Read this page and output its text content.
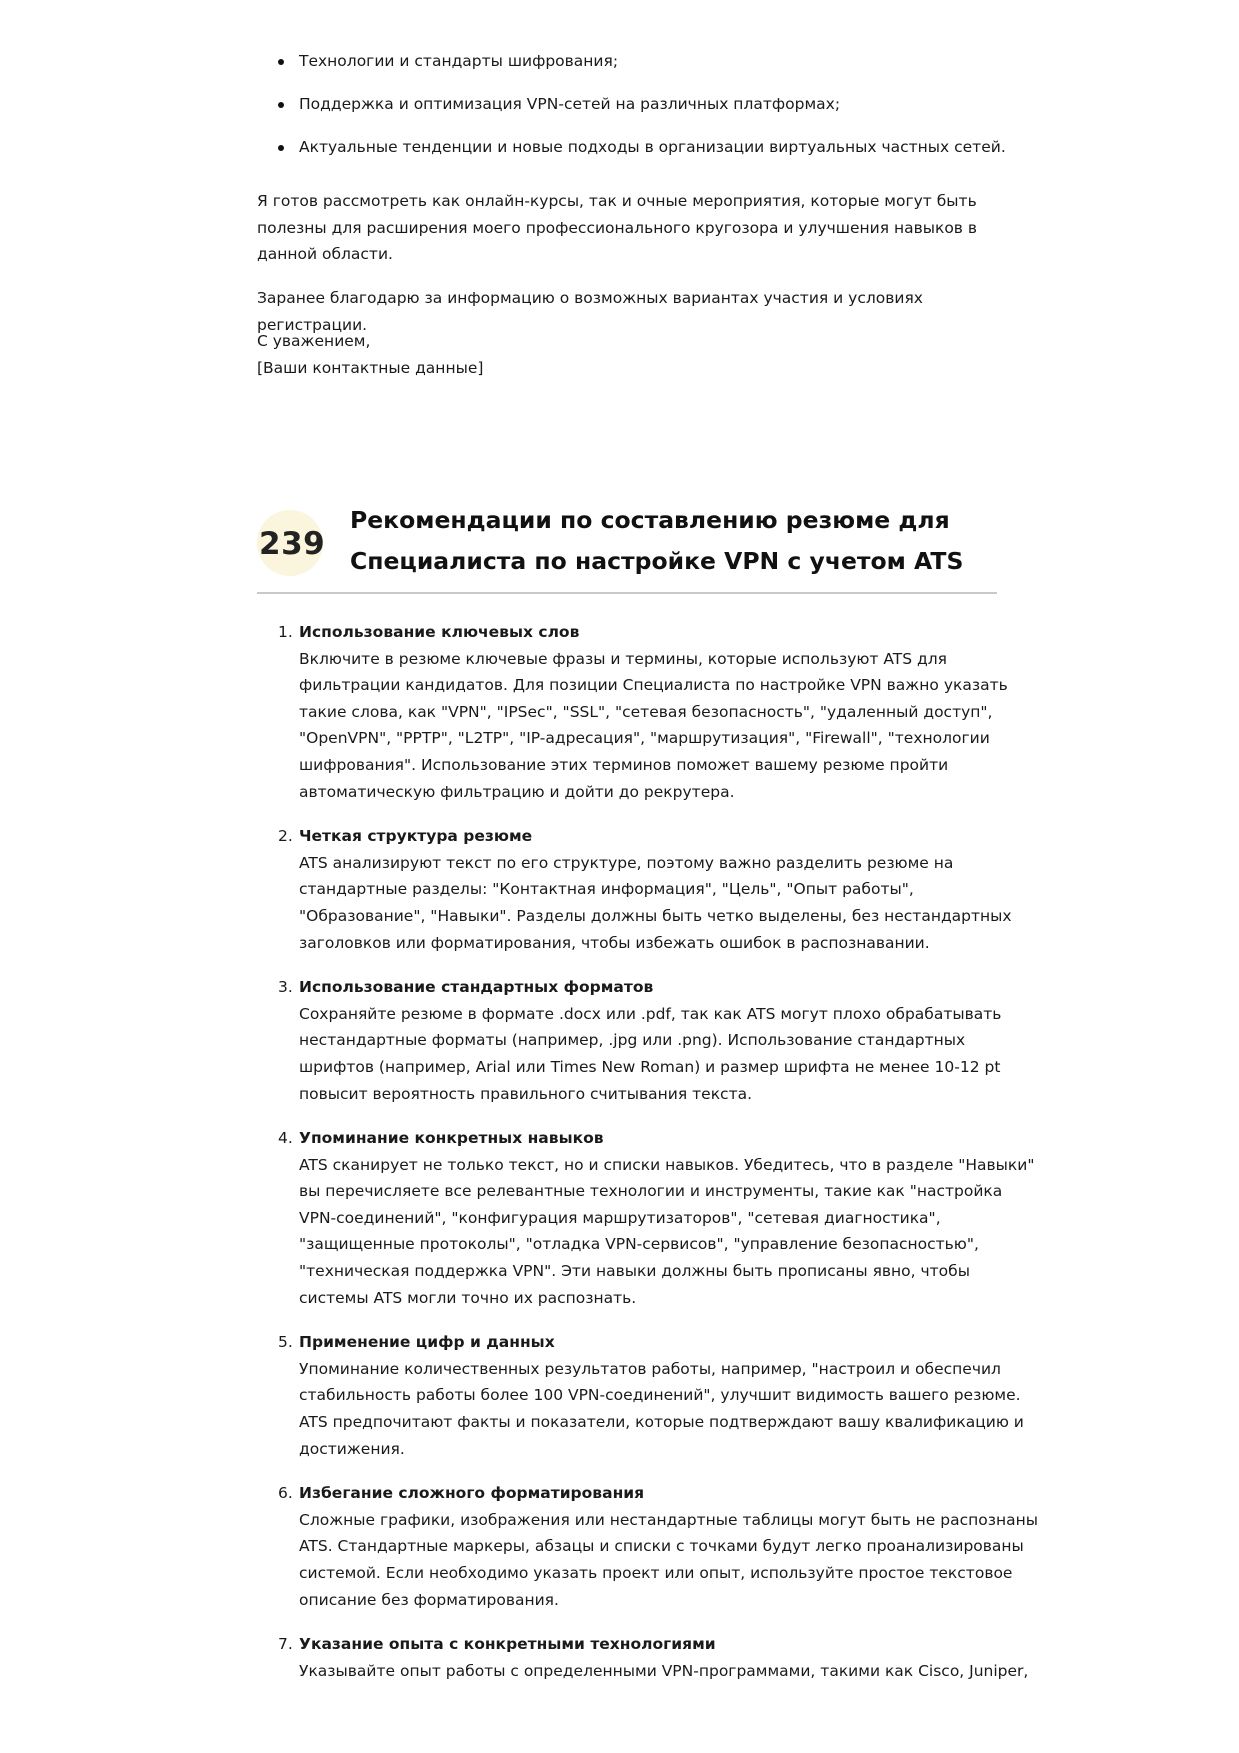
Технологии и стандарты шифрования;
Поддержка и оптимизация VPN-сетей на различных платформах;
Актуальные тенденции и новые подходы в организации виртуальных частных сетей.

Я готов рассмотреть как онлайн-курсы, так и очные мероприятия, которые могут быть полезны для расширения моего профессионального кругозора и улучшения навыков в данной области.

Заранее благодарю за информацию о возможных вариантах участия и условиях регистрации.

С уважением,

[Ваши контактные данные]

239
Рекомендации по составлению резюме для Специалиста по настройке VPN с учетом ATS
1. Использование ключевых слов
Включите в резюме ключевые фразы и термины, которые используют ATS для фильтрации кандидатов. Для позиции Специалиста по настройке VPN важно указать такие слова, как "VPN", "IPSec", "SSL", "сетевая безопасность", "удаленный доступ", "OpenVPN", "PPTP", "L2TP", "IP-адресация", "маршрутизация", "Firewall", "технологии шифрования". Использование этих терминов поможет вашему резюме пройти автоматическую фильтрацию и дойти до рекрутера.
2. Четкая структура резюме
ATS анализируют текст по его структуре, поэтому важно разделить резюме на стандартные разделы: "Контактная информация", "Цель", "Опыт работы", "Образование", "Навыки". Разделы должны быть четко выделены, без нестандартных заголовков или форматирования, чтобы избежать ошибок в распознавании.
3. Использование стандартных форматов
Сохраняйте резюме в формате .docx или .pdf, так как ATS могут плохо обрабатывать нестандартные форматы (например, .jpg или .png). Использование стандартных шрифтов (например, Arial или Times New Roman) и размер шрифта не менее 10-12 pt повысит вероятность правильного считывания текста.
4. Упоминание конкретных навыков
ATS сканирует не только текст, но и списки навыков. Убедитесь, что в разделе "Навыки" вы перечисляете все релевантные технологии и инструменты, такие как "настройка VPN-соединений", "конфигурация маршрутизаторов", "сетевая диагностика", "защищенные протоколы", "отладка VPN-сервисов", "управление безопасностью", "техническая поддержка VPN". Эти навыки должны быть прописаны явно, чтобы системы ATS могли точно их распознать.
5. Применение цифр и данных
Упоминание количественных результатов работы, например, "настроил и обеспечил стабильность работы более 100 VPN-соединений", улучшит видимость вашего резюме. ATS предпочитают факты и показатели, которые подтверждают вашу квалификацию и достижения.
6. Избегание сложного форматирования
Сложные графики, изображения или нестандартные таблицы могут быть не распознаны ATS. Стандартные маркеры, абзацы и списки с точками будут легко проанализированы системой. Если необходимо указать проект или опыт, используйте простое текстовое описание без форматирования.
7. Указание опыта с конкретными технологиями
Указывайте опыт работы с определенными VPN-программами, такими как Cisco, Juniper,
